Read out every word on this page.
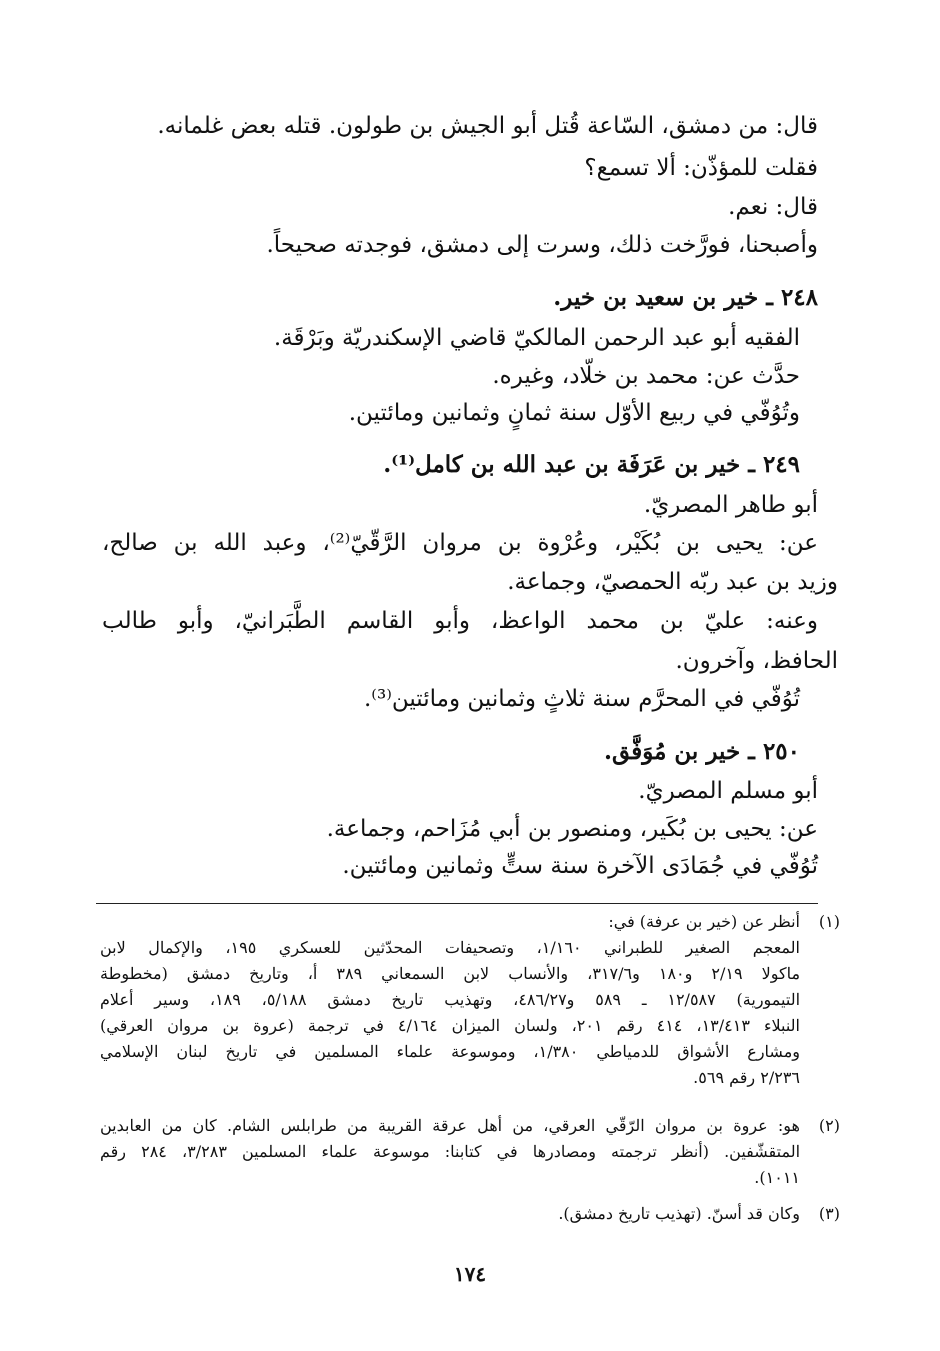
قال: من دمشق، السّاعة قُتل أبو الجيش بن طولون. قتله بعض غلمانه.
فقلت للمؤذّن: ألا تسمع؟
قال: نعم.
وأصبحنا، فورَّخت ذلك، وسرت إلى دمشق، فوجدته صحيحاً.
٢٤٨ ـ خير بن سعيد بن خير.
الفقيه أبو عبد الرحمن المالكيّ قاضي الإسكندريّة وبَرْقَة.
حدَّث عن: محمد بن خلّاد، وغيره.
وتُوُفّي في ربيع الأوّل سنة ثمانٍ وثمانين ومائتين.
٢٤٩ ـ خير بن عَرَفَة بن عبد الله بن كامل⁽¹⁾.
أبو طاهر المصريّ.
عن: يحيى بن بُكَيْر، وعُرْوة بن مروان الرَّقّيّ⁽²⁾، وعبد الله بن صالح،
وزيد بن عبد ربّه الحمصيّ، وجماعة.
وعنه: عليّ بن محمد الواعظ، وأبو القاسم الطَّبَرانيّ، وأبو طالب
الحافظ، وآخرون.
تُوُفّي في المحرَّم سنة ثلاثٍ وثمانين ومائتين⁽³⁾.
٢٥٠ ـ خير بن مُوَفَّق.
أبو مسلم المصريّ.
عن: يحيى بن بُكَير، ومنصور بن أبي مُزَاحم، وجماعة.
تُوُفّي في جُمَادَى الآخرة سنة ستٍّ وثمانين ومائتين.
(١)
أنظر عن (خير بن عرفة) في:
المعجم الصغير للطبراني ١/١٦٠، وتصحيفات المحدّثين للعسكري ١٩٥، والإكمال لابن
ماكولا ٢/١٩ و١٨٠ و٣١٧/٦، والأنساب لابن السمعاني ٣٨٩ أ، وتاريخ دمشق (مخطوطة
التيمورية) ١٢/٥٨٧ ـ ٥٨٩ و٤٨٦/٢٧، وتهذيب تاريخ دمشق ٥/١٨٨، ١٨٩، وسير أعلام
النبلاء ١٣/٤١٣، ٤١٤ رقم ٢٠١، ولسان الميزان ٤/١٦٤ في ترجمة (عروة بن مروان العرقي)
ومشارع الأشواق للدمياطي ١/٣٨٠، وموسوعة علماء المسلمين في تاريخ لبنان الإسلامي
٢/٢٣٦ رقم ٥٦٩.
(٢)
هو: عروة بن مروان الرّقّي العرقي، من أهل عرقة القريبة من طرابلس الشام. كان من العابدين
المتقشّفين. (أنظر ترجمته ومصادرها في كتابنا: موسوعة علماء المسلمين ٣/٢٨٣، ٢٨٤ رقم
١٠١١).
(٣)
وكان قد أسنّ. (تهذيب تاريخ دمشق).
١٧٤
